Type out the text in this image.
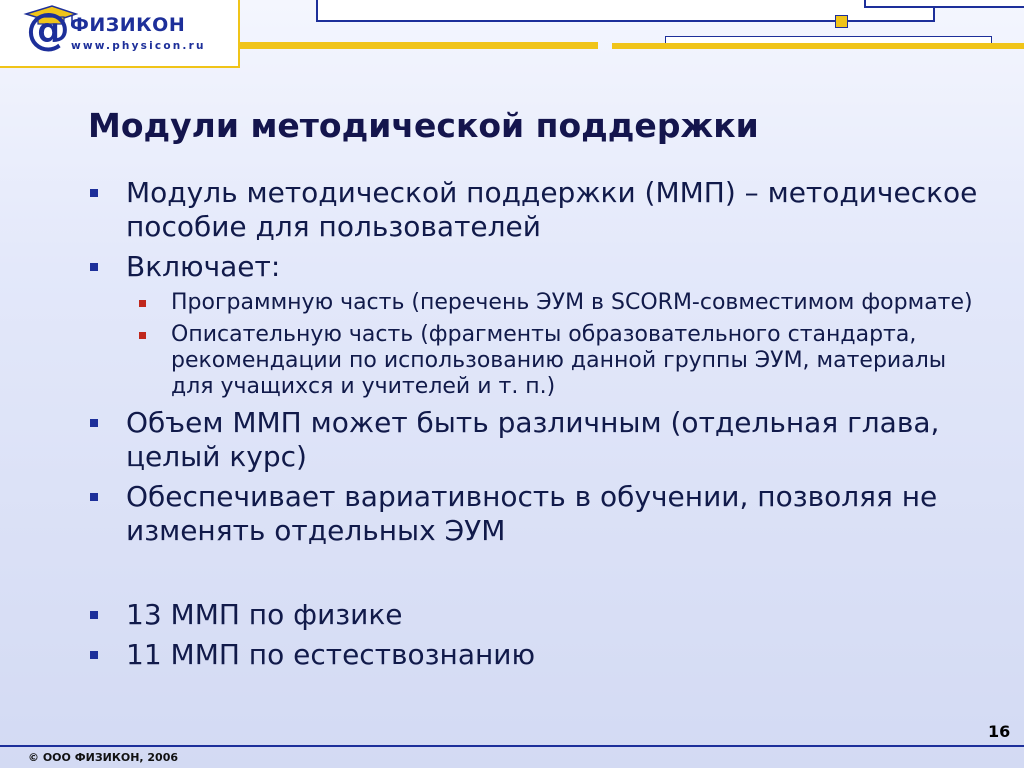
@ ФИЗИКОН
www.physicon.ru
Модули методической поддержки
Модуль методической поддержки (ММП) – методическое пособие для пользователей
Включает:
Программную часть (перечень ЭУМ в SCORM-совместимом формате)
Описательную часть (фрагменты образовательного стандарта, рекомендации по использованию данной группы ЭУМ, материалы для учащихся и учителей и т. п.)
Объем ММП может быть различным (отдельная глава, целый курс)
Обеспечивает вариативность в обучении, позволяя не изменять отдельных ЭУМ
13 ММП по физике
11 ММП по естествознанию
16
© ООО ФИЗИКОН, 2006
